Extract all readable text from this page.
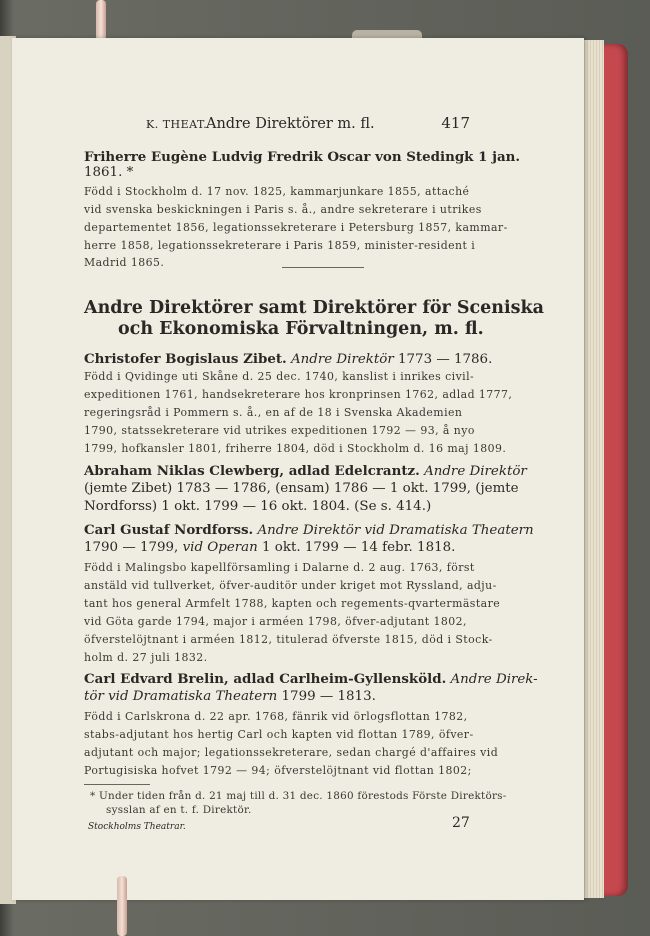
K. THEAT.
Andre Direktörer m. fl.	417
Friherre Eugène Ludvig Fredrik Oscar von Stedingk 1 jan.
1861. *
Född i Stockholm d. 17 nov. 1825, kammarjunkare 1855, attaché
vid svenska beskickningen i Paris s. å., andre sekreterare i utrikes
departementet 1856, legationssekreterare i Petersburg 1857, kammar-
herre 1858, legationssekreterare i Paris 1859, minister-resident i
Madrid 1865.
Andre Direktörer samt Direktörer för Sceniska
och Ekonomiska Förvaltningen, m. fl.
Christofer Bogislaus Zibet. Andre Direktör 1773 — 1786.
Född i Qvidinge uti Skåne d. 25 dec. 1740, kanslist i inrikes civil-
expeditionen 1761, handsekreterare hos kronprinsen 1762, adlad 1777,
regeringsråd i Pommern s. å., en af de 18 i Svenska Akademien
1790, statssekreterare vid utrikes expeditionen 1792 — 93, å nyo
1799, hofkansler 1801, friherre 1804, död i Stockholm d. 16 maj 1809.
Abraham Niklas Clewberg, adlad Edelcrantz. Andre Direktör
(jemte Zibet) 1783 — 1786, (ensam) 1786 — 1 okt. 1799, (jemte
Nordforss) 1 okt. 1799 — 16 okt. 1804. (Se s. 414.)
Carl Gustaf Nordforss. Andre Direktör vid Dramatiska Theatern
1790 — 1799, vid Operan 1 okt. 1799 — 14 febr. 1818.
Född i Malingsbo kapellförsamling i Dalarne d. 2 aug. 1763, först
anstäld vid tullverket, öfver-auditör under kriget mot Ryssland, adju-
tant hos general Armfelt 1788, kapten och regements-qvartermästare
vid Göta garde 1794, major i arméen 1798, öfver-adjutant 1802,
öfverstelöjtnant i arméen 1812, titulerad öfverste 1815, död i Stock-
holm d. 27 juli 1832.
Carl Edvard Brelin, adlad Carlheim-Gyllensköld. Andre Direk-
tör vid Dramatiska Theatern 1799 — 1813.
Född i Carlskrona d. 22 apr. 1768, fänrik vid örlogsflottan 1782,
stabs-adjutant hos hertig Carl och kapten vid flottan 1789, öfver-
adjutant och major; legationssekreterare, sedan chargé d'affaires vid
Portugisiska hofvet 1792 — 94; öfverstelöjtnant vid flottan 1802;
* Under tiden från d. 21 maj till d. 31 dec. 1860 förestods Förste Direktörs-
sysslan af en t. f. Direktör.
Stockholms Theatrar.	27
